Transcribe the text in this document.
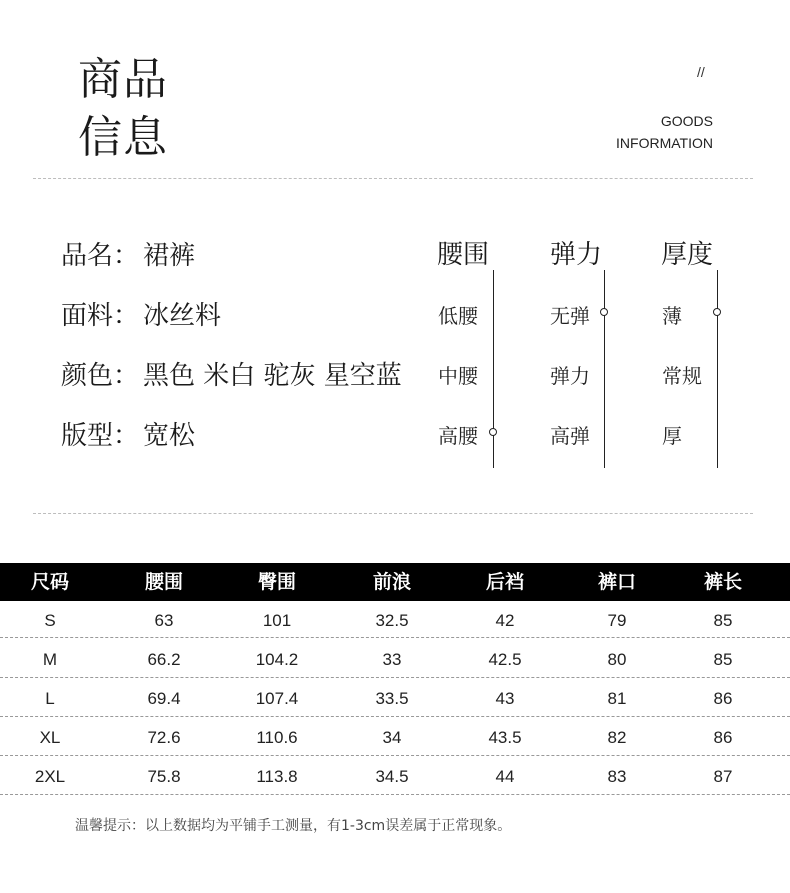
商品
信息
//
GOODS
INFORMATION
品名： 裙裤
面料： 冰丝料
颜色： 黑色 米白 驼灰 星空蓝
版型： 宽松
腰围
低腰
中腰
高腰
弹力
无弹
弹力
高弹
厚度
薄
常规
厚
尺码	腰围	臀围	前浪	后裆	裤口	裤长
S	63	101	32.5	42	79	85
M	66.2	104.2	33	42.5	80	85
L	69.4	107.4	33.5	43	81	86
XL	72.6	110.6	34	43.5	82	86
2XL	75.8	113.8	34.5	44	83	87
温馨提示：以上数据均为平铺手工测量，有1-3cm误差属于正常现象。
